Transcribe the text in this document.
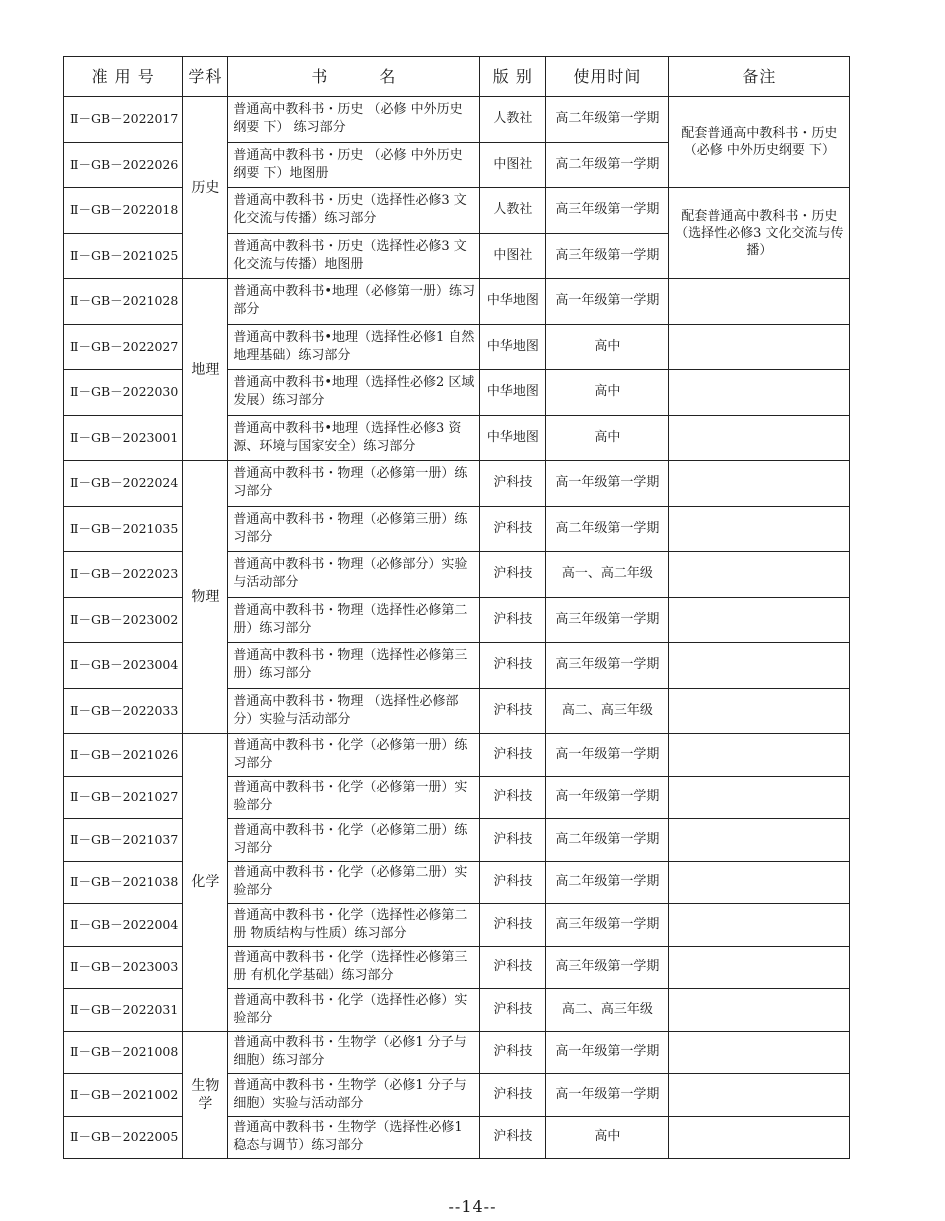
准 用 号	学科	书　　　名	版 别	使用时间	备注
Ⅱ－GB－2022017	历史	普通高中教科书・历史 （必修 中外历史纲要 下） 练习部分	人教社	高二年级第一学期	配套普通高中教科书・历史（必修 中外历史纲要 下）
Ⅱ－GB－2022026		普通高中教科书・历史 （必修 中外历史纲要 下）地图册	中图社	高二年级第一学期	
Ⅱ－GB－2022018		普通高中教科书・历史（选择性必修3 文化交流与传播）练习部分	人教社	高三年级第一学期	配套普通高中教科书・历史（选择性必修3 文化交流与传播）
Ⅱ－GB－2021025		普通高中教科书・历史（选择性必修3 文化交流与传播）地图册	中图社	高三年级第一学期	
Ⅱ－GB－2021028	地理	普通高中教科书•地理（必修第一册）练习部分	中华地图	高一年级第一学期	
Ⅱ－GB－2022027		普通高中教科书•地理（选择性必修1 自然地理基础）练习部分	中华地图	高中	
Ⅱ－GB－2022030		普通高中教科书•地理（选择性必修2 区域发展）练习部分	中华地图	高中	
Ⅱ－GB－2023001		普通高中教科书•地理（选择性必修3 资源、环境与国家安全）练习部分	中华地图	高中	
Ⅱ－GB－2022024	物理	普通高中教科书・物理（必修第一册）练习部分	沪科技	高一年级第一学期	
Ⅱ－GB－2021035		普通高中教科书・物理（必修第三册）练习部分	沪科技	高二年级第一学期	
Ⅱ－GB－2022023		普通高中教科书・物理（必修部分）实验与活动部分	沪科技	高一、高二年级	
Ⅱ－GB－2023002		普通高中教科书・物理（选择性必修第二册）练习部分	沪科技	高三年级第一学期	
Ⅱ－GB－2023004		普通高中教科书・物理（选择性必修第三册）练习部分	沪科技	高三年级第一学期	
Ⅱ－GB－2022033		普通高中教科书・物理 （选择性必修部分）实验与活动部分	沪科技	高二、高三年级	
Ⅱ－GB－2021026	化学	普通高中教科书・化学（必修第一册）练习部分	沪科技	高一年级第一学期	
Ⅱ－GB－2021027		普通高中教科书・化学（必修第一册）实验部分	沪科技	高一年级第一学期	
Ⅱ－GB－2021037		普通高中教科书・化学（必修第二册）练习部分	沪科技	高二年级第一学期	
Ⅱ－GB－2021038		普通高中教科书・化学（必修第二册）实验部分	沪科技	高二年级第一学期	
Ⅱ－GB－2022004		普通高中教科书・化学（选择性必修第二册 物质结构与性质）练习部分	沪科技	高三年级第一学期	
Ⅱ－GB－2023003		普通高中教科书・化学（选择性必修第三册 有机化学基础）练习部分	沪科技	高三年级第一学期	
Ⅱ－GB－2022031		普通高中教科书・化学（选择性必修）实验部分	沪科技	高二、高三年级	
Ⅱ－GB－2021008	生物学	普通高中教科书・生物学（必修1 分子与细胞）练习部分	沪科技	高一年级第一学期	
Ⅱ－GB－2021002		普通高中教科书・生物学（必修1 分子与细胞）实验与活动部分	沪科技	高一年级第一学期	
Ⅱ－GB－2022005		普通高中教科书・生物学（选择性必修1 稳态与调节）练习部分	沪科技	高中	
--14--
